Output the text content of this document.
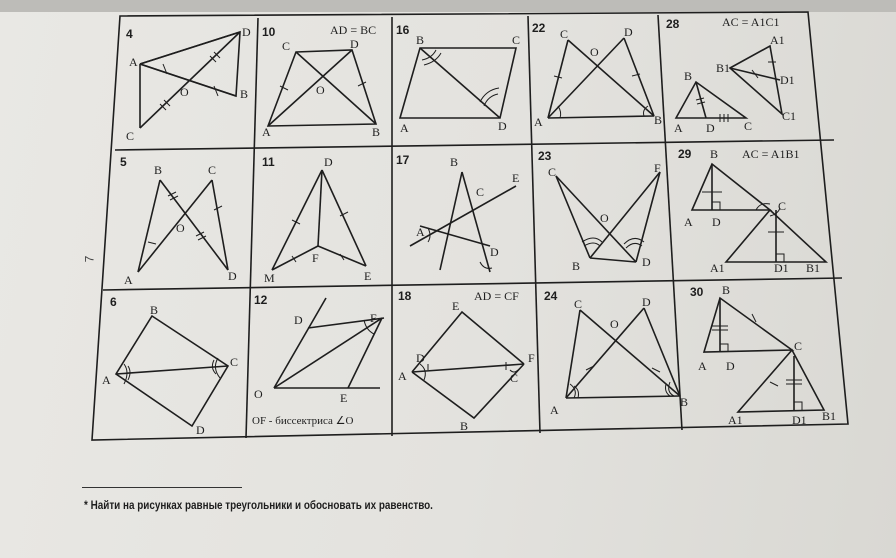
4
A
D
O	B
C
10	AD = BC
C	D
O
A	B
16
B	C
A	D
22 C	D
O
A	B
28	AC = A1C1
A1
B1
D1
C1
B
A D C
5
B	C
O
A	D
11	D
F
M	E
17	B
E
C
A
D
23
C	F
O
B	D
29	AC = A1B1
B
A D
C
A1	D1 B1
6
B
A
C
D
12
D	F
O	E
OF - биссектриса ∠O
18	AD = CF
E
D	F
A	C
B
24
C	D
O
A
B
30 B
A D
C
A1	D1 B1
7
* Найти на рисунках равные треугольники и обосновать их равенство.
